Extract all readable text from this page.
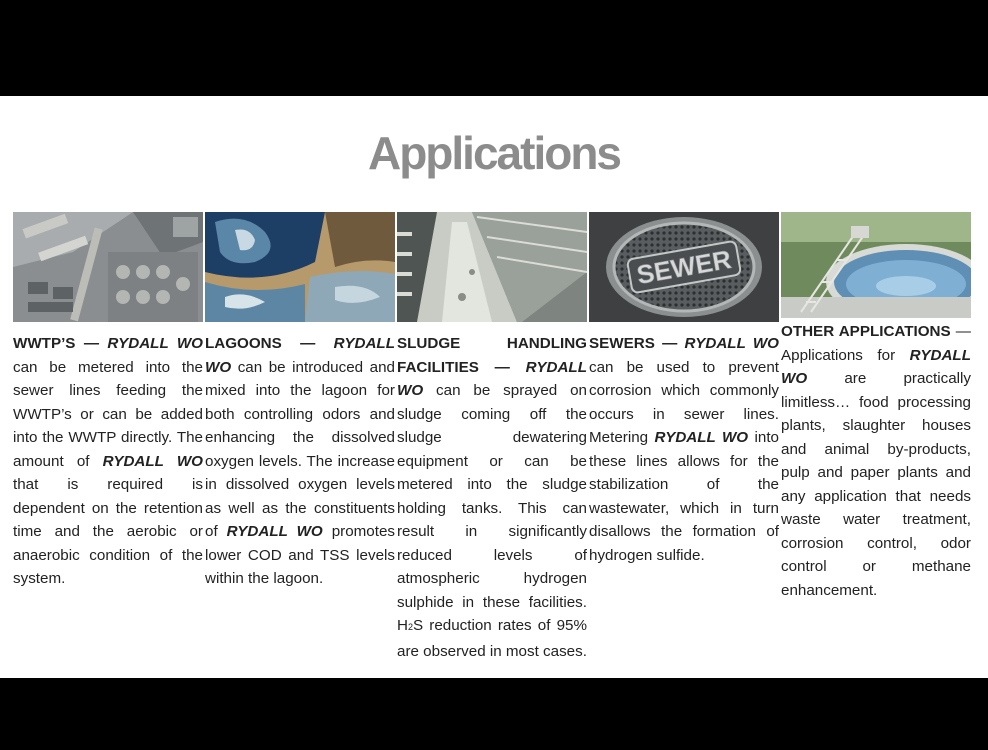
Applications
WWTP’S — RYDALL WO can be metered into the sewer lines feeding the WWTP’s or can be added into the WWTP directly. The amount of RYDALL WO that is required is dependent on the retention time and the aerobic or anaerobic condition of the system.
LAGOONS — RYDALL WO can be introduced and mixed into the lagoon for both controlling odors and enhancing the dissolved oxygen levels. The increase in dissolved oxygen levels as well as the constituents of RYDALL WO promotes lower COD and TSS levels within the lagoon.
SLUDGE HANDLING FACILITIES — RYDALL WO can be sprayed on sludge coming off the sludge dewatering equipment or can be metered into the sludge holding tanks. This can result in significantly reduced levels of atmospheric hydrogen sulphide in these facilities. H2S reduction rates of 95% are observed in most cases.
SEWER
SEWERS — RYDALL WO can be used to prevent corrosion which commonly occurs in sewer lines. Metering RYDALL WO into these lines allows for the stabilization of the wastewater, which in turn disallows the formation of hydrogen sulfide.
OTHER APPLICATIONS — Applications for RYDALL WO are practically limitless… food processing plants, slaughter houses and animal by-products, pulp and paper plants and any application that needs waste water treatment, corrosion control, odor control or methane enhancement.
